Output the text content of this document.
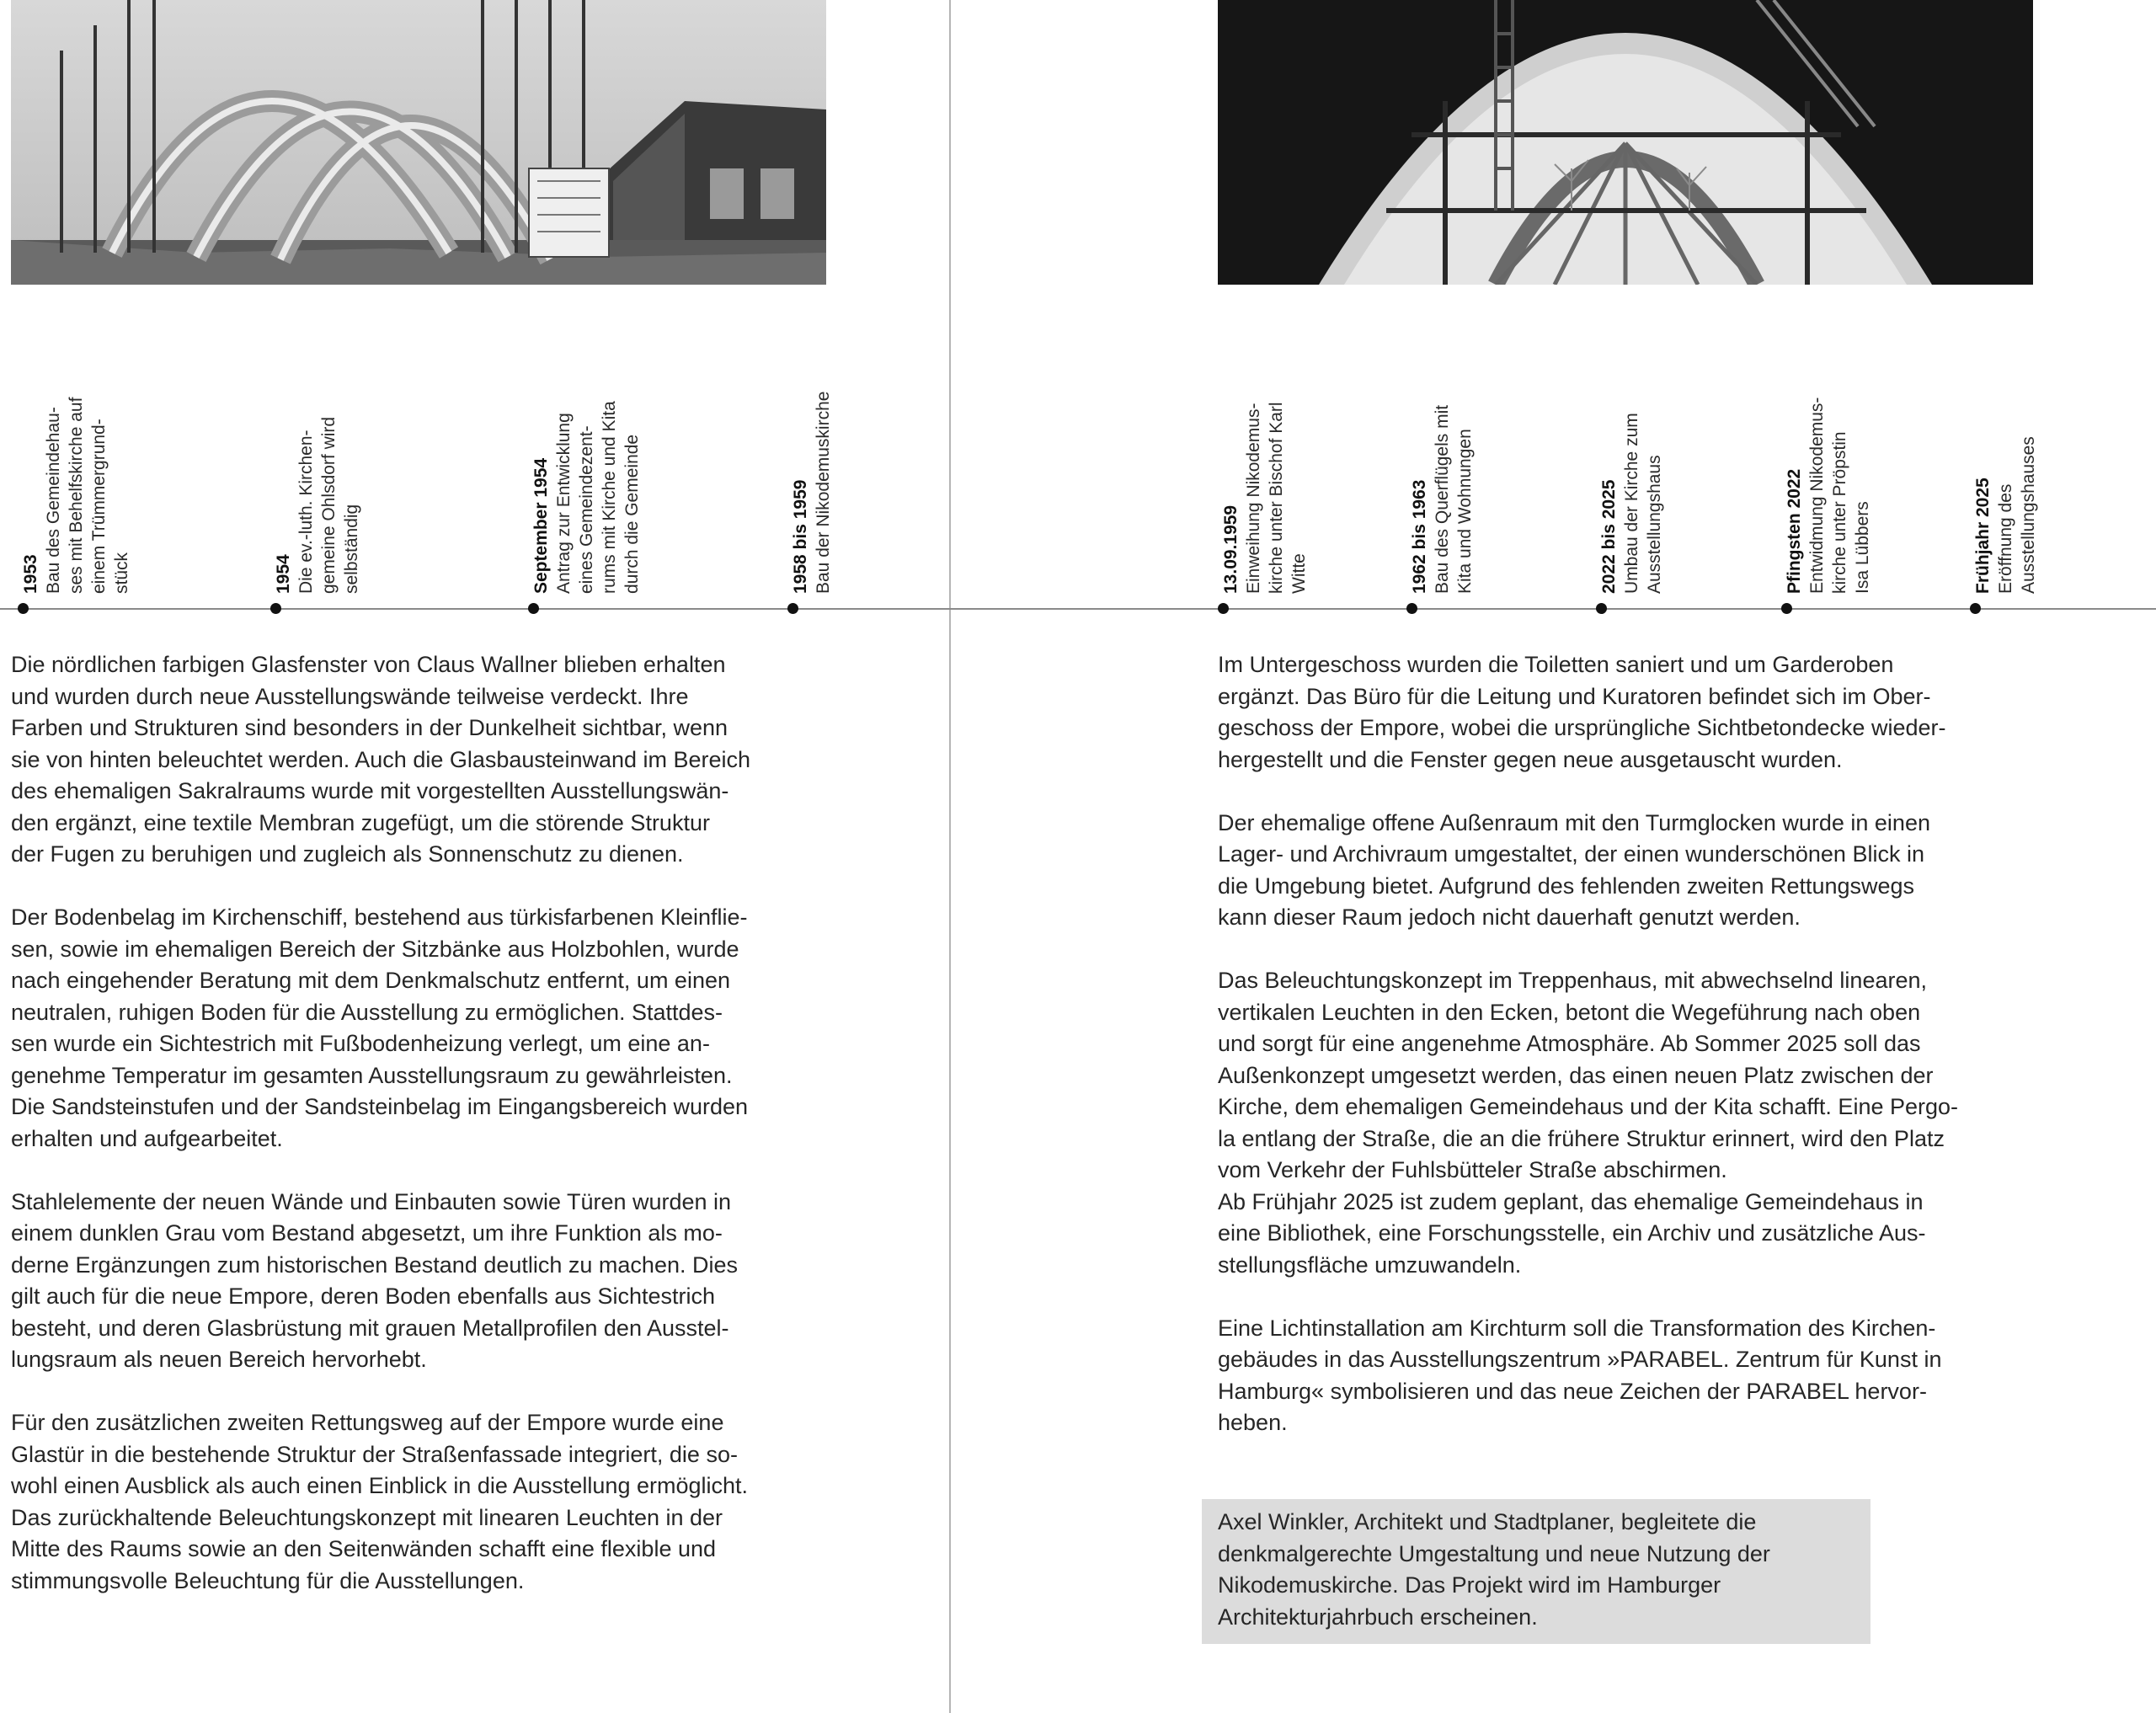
1953 Bau des Gemeindehau-
ses mit Behelfskirche auf
einem Trümmergrund-
stück	1954 Die ev.-luth. Kirchen-
gemeine Ohlsdorf wird
selbständig	September 1954 Antrag zur Entwicklung
eines Gemeindezent-
rums mit Kirche und Kita
durch die Gemeinde
1958 bis 1959 Bau der Nikodemuskirche	13.09.1959 Einweihung Nikodemus-
kirche unter Bischof Karl
Witte	1962 bis 1963 Bau des Querflügels mit
Kita und Wohnungen
2022 bis 2025 Umbau der Kirche zum
Ausstellungshaus	Pfingsten 2022 Entwidmung Nikodemus-
kirche unter Pröpstin
Isa Lübbers	Frühjahr 2025 Eröffnung des
Ausstellungshauses

Die nördlichen farbigen Glasfenster von Claus Wallner blieben erhalten
und wurden durch neue Ausstellungswände teilweise verdeckt. Ihre
Farben und Strukturen sind besonders in der Dunkelheit sichtbar, wenn
sie von hinten beleuchtet werden. Auch die Glasbausteinwand im Bereich
des ehemaligen Sakralraums wurde mit vorgestellten Ausstellungswän-
den ergänzt, eine textile Membran zugefügt, um die störende Struktur
der Fugen zu beruhigen und zugleich als Sonnenschutz zu dienen.

Der Bodenbelag im Kirchenschiff, bestehend aus türkisfarbenen Kleinflie-
sen, sowie im ehemaligen Bereich der Sitzbänke aus Holzbohlen, wurde
nach eingehender Beratung mit dem Denkmalschutz entfernt, um einen
neutralen, ruhigen Boden für die Ausstellung zu ermöglichen. Stattdes-
sen wurde ein Sichtestrich mit Fußbodenheizung verlegt, um eine an-
genehme Temperatur im gesamten Ausstellungsraum zu gewährleisten.
Die Sandsteinstufen und der Sandsteinbelag im Eingangsbereich wurden
erhalten und aufgearbeitet.

Stahlelemente der neuen Wände und Einbauten sowie Türen wurden in
einem dunklen Grau vom Bestand abgesetzt, um ihre Funktion als mo-
derne Ergänzungen zum historischen Bestand deutlich zu machen. Dies
gilt auch für die neue Empore, deren Boden ebenfalls aus Sichtestrich
besteht, und deren Glasbrüstung mit grauen Metallprofilen den Ausstel-
lungsraum als neuen Bereich hervorhebt.

Für den zusätzlichen zweiten Rettungsweg auf der Empore wurde eine
Glastür in die bestehende Struktur der Straßenfassade integriert, die so-
wohl einen Ausblick als auch einen Einblick in die Ausstellung ermöglicht.
Das zurückhaltende Beleuchtungskonzept mit linearen Leuchten in der
Mitte des Raums sowie an den Seitenwänden schafft eine flexible und
stimmungsvolle Beleuchtung für die Ausstellungen.

Im Untergeschoss wurden die Toiletten saniert und um Garderoben
ergänzt. Das Büro für die Leitung und Kuratoren befindet sich im Ober-
geschoss der Empore, wobei die ursprüngliche Sichtbetondecke wieder-
hergestellt und die Fenster gegen neue ausgetauscht wurden.

Der ehemalige offene Außenraum mit den Turmglocken wurde in einen
Lager- und Archivraum umgestaltet, der einen wunderschönen Blick in
die Umgebung bietet. Aufgrund des fehlenden zweiten Rettungswegs
kann dieser Raum jedoch nicht dauerhaft genutzt werden.

Das Beleuchtungskonzept im Treppenhaus, mit abwechselnd linearen,
vertikalen Leuchten in den Ecken, betont die Wegeführung nach oben
und sorgt für eine angenehme Atmosphäre. Ab Sommer 2025 soll das
Außenkonzept umgesetzt werden, das einen neuen Platz zwischen der
Kirche, dem ehemaligen Gemeindehaus und der Kita schafft. Eine Pergo-
la entlang der Straße, die an die frühere Struktur erinnert, wird den Platz
vom Verkehr der Fuhlsbütteler Straße abschirmen.

Ab Frühjahr 2025 ist zudem geplant, das ehemalige Gemeindehaus in
eine Bibliothek, eine Forschungsstelle, ein Archiv und zusätzliche Aus-
stellungsfläche umzuwandeln.

Eine Lichtinstallation am Kirchturm soll die Transformation des Kirchen-
gebäudes in das Ausstellungszentrum »PARABEL. Zentrum für Kunst in
Hamburg« symbolisieren und das neue Zeichen der PARABEL hervor-
heben.

Axel Winkler, Architekt und Stadtplaner, begleitete die
denkmalgerechte Umgestaltung und neue Nutzung der
Nikodemuskirche. Das Projekt wird im Hamburger
Architekturjahrbuch erscheinen.
